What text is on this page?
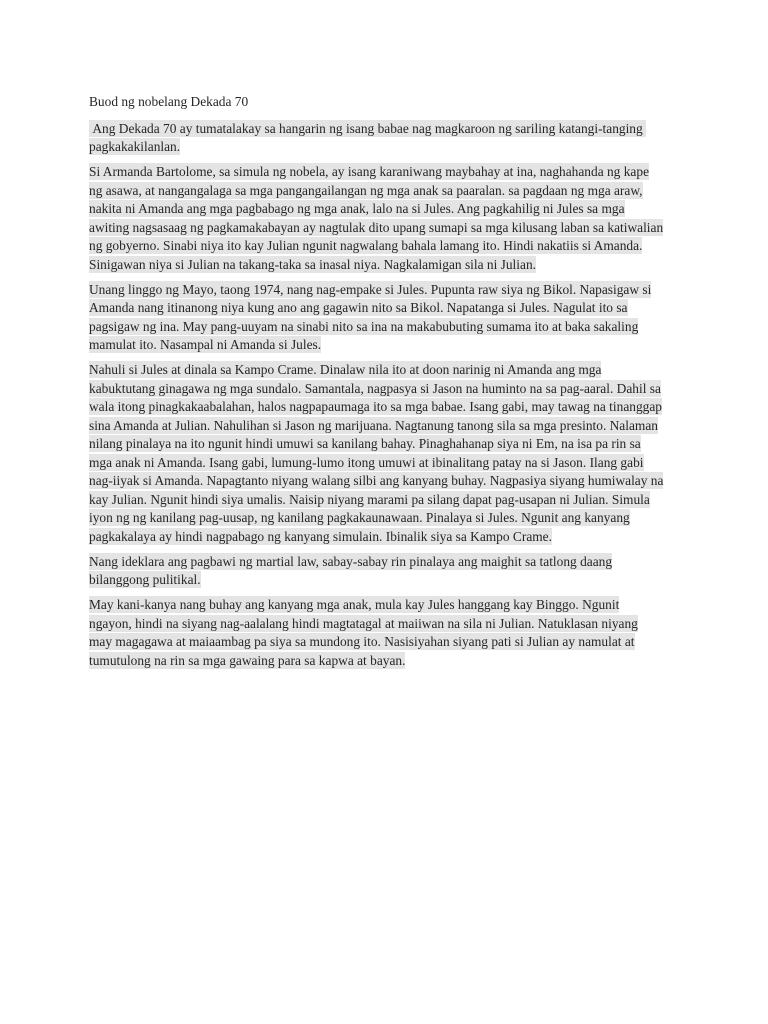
Buod ng nobelang Dekada 70

Ang Dekada 70 ay tumatalakay sa hangarin ng isang babae nag magkaroon ng sariling katangi-tanging pagkakakilanlan.

Si Armanda Bartolome, sa simula ng nobela, ay isang karaniwang maybahay at ina, naghahanda ng kape ng asawa, at nangangalaga sa mga pangangailangan ng mga anak sa paaralan. sa pagdaan ng mga araw, nakita ni Amanda ang mga pagbabago ng mga anak, lalo na si Jules. Ang pagkahilig ni Jules sa mga awiting nagsasaag ng pagkamakabayan ay nagtulak dito upang sumapi sa mga kilusang laban sa katiwalian ng gobyerno. Sinabi niya ito kay Julian ngunit nagwalang bahala lamang ito. Hindi nakatiis si Amanda. Sinigawan niya si Julian na takang-taka sa inasal niya. Nagkalamigan sila ni Julian.

Unang linggo ng Mayo, taong 1974, nang nag-empake si Jules. Pupunta raw siya ng Bikol. Napasigaw si Amanda nang itinanong niya kung ano ang gagawin nito sa Bikol. Napatanga si Jules. Nagulat ito sa pagsigaw ng ina. May pang-uuyam na sinabi nito sa ina na makabubuting sumama ito at baka sakaling mamulat ito. Nasampal ni Amanda si Jules.

Nahuli si Jules at dinala sa Kampo Crame. Dinalaw nila ito at doon narinig ni Amanda ang mga kabuktutang ginagawa ng mga sundalo. Samantala, nagpasya si Jason na huminto na sa pag-aaral. Dahil sa wala itong pinagkakaabalahan, halos nagpapaumaga ito sa mga babae. Isang gabi, may tawag na tinanggap sina Amanda at Julian. Nahulihan si Jason ng marijuana. Nagtanung tanong sila sa mga presinto. Nalaman nilang pinalaya na ito ngunit hindi umuwi sa kanilang bahay. Pinaghahanap siya ni Em, na isa pa rin sa mga anak ni Amanda. Isang gabi, lumung-lumo itong umuwi at ibinalitang patay na si Jason. Ilang gabi nag-iiyak si Amanda. Napagtanto niyang walang silbi ang kanyang buhay. Nagpasiya siyang humiwalay na kay Julian. Ngunit hindi siya umalis. Naisip niyang marami pa silang dapat pag-usapan ni Julian. Simula iyon ng ng kanilang pag-uusap, ng kanilang pagkakaunawaan. Pinalaya si Jules. Ngunit ang kanyang pagkakalaya ay hindi nagpabago ng kanyang simulain. Ibinalik siya sa Kampo Crame.

Nang ideklara ang pagbawi ng martial law, sabay-sabay rin pinalaya ang maighit sa tatlong daang bilanggong pulitikal.

May kani-kanya nang buhay ang kanyang mga anak, mula kay Jules hanggang kay Binggo. Ngunit ngayon, hindi na siyang nag-aalalang hindi magtatagal at maiiwan na sila ni Julian. Natuklasan niyang may magagawa at maiaambag pa siya sa mundong ito. Nasisiyahan siyang pati si Julian ay namulat at tumutulong na rin sa mga gawaing para sa kapwa at bayan.
